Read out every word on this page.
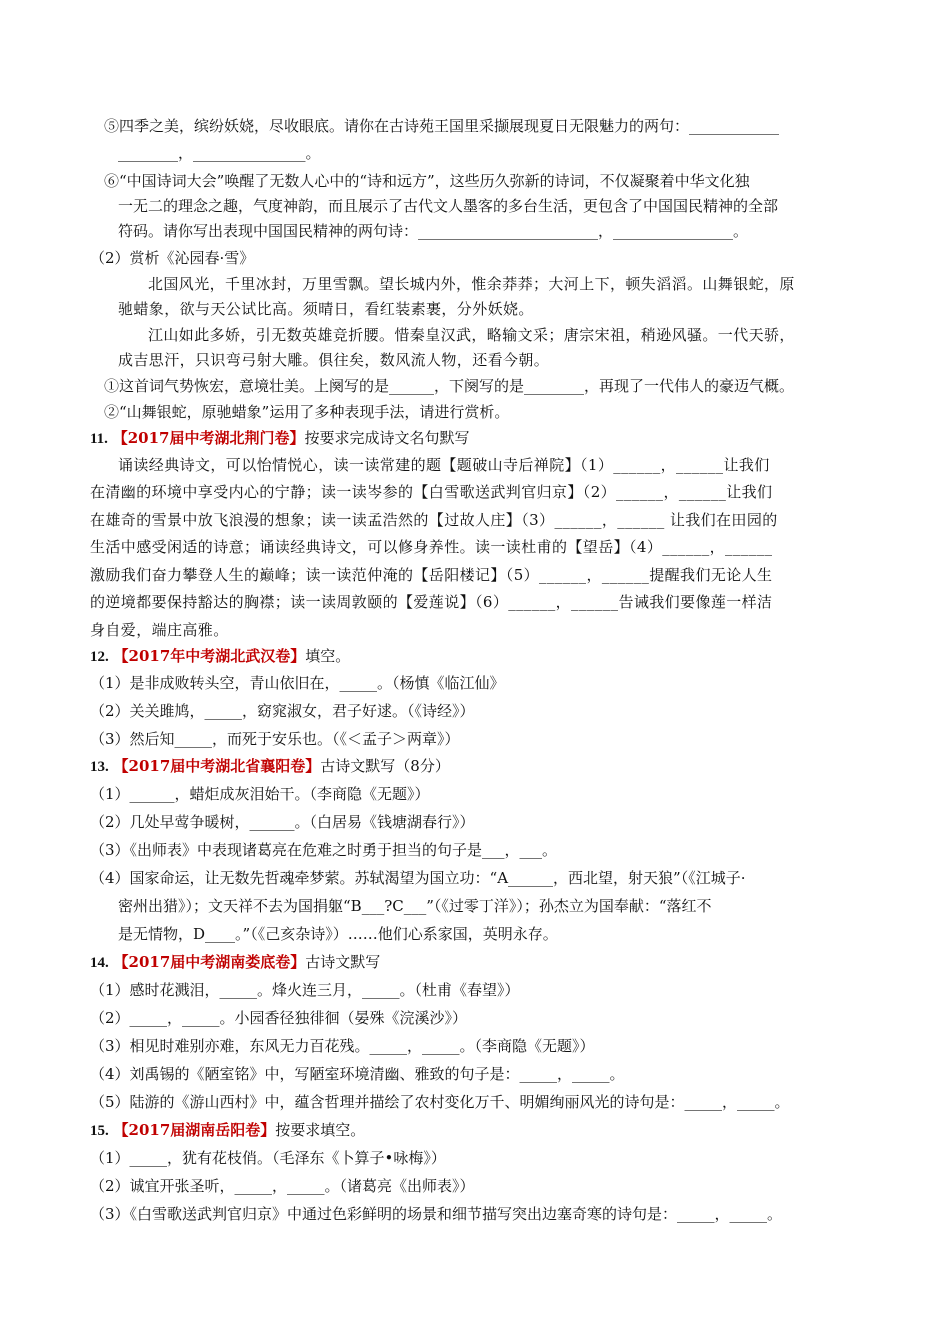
⑤四季之美，缤纷妖娆，尽收眼底。请你在古诗苑王国里采撷展现夏日无限魅力的两句：____________
________，_______________。
⑥“中国诗词大会”唤醒了无数人心中的“诗和远方”，这些历久弥新的诗词，不仅凝聚着中华文化独
一无二的理念之趣，气度神韵，而且展示了古代文人墨客的多台生活，更包含了中国国民精神的全部
符码。请你写出表现中国国民精神的两句诗：________________________，________________。
（2）赏析《沁园春·雪》
北国风光，千里冰封，万里雪飘。望长城内外，惟余莽莽；大河上下，顿失滔滔。山舞银蛇，原
驰蜡象，欲与天公试比高。须晴日，看红装素裹，分外妖娆。
江山如此多娇，引无数英雄竞折腰。惜秦皇汉武，略输文采；唐宗宋祖，稍逊风骚。一代天骄，
成吉思汗，只识弯弓射大雕。俱往矣，数风流人物，还看今朝。
①这首词气势恢宏，意境壮美。上阕写的是______，下阕写的是________，再现了一代伟人的豪迈气概。
②“山舞银蛇，原驰蜡象”运用了多种表现手法，请进行赏析。
11. 【2017届中考湖北荆门卷】按要求完成诗文名句默写
诵读经典诗文，可以怡情悦心，读一读常建的题【题破山寺后禅院】（1）______，______让我们
在清幽的环境中享受内心的宁静；读一读岑参的【白雪歌送武判官归京】（2）______，______让我们
在雄奇的雪景中放飞浪漫的想象；读一读孟浩然的【过故人庄】（3）______，______ 让我们在田园的
生活中感受闲适的诗意；诵读经典诗文，可以修身养性。读一读杜甫的【望岳】（4）______，______
激励我们奋力攀登人生的巅峰；读一读范仲淹的【岳阳楼记】（5）______，______提醒我们无论人生
的逆境都要保持豁达的胸襟；读一读周敦颐的【爱莲说】（6）______，______告诫我们要像莲一样洁
身自爱，端庄高雅。
12. 【2017年中考湖北武汉卷】填空。
（1）是非成败转头空，青山依旧在，_____。（杨慎《临江仙》
（2）关关雎鸠，_____，窈窕淑女，君子好逑。（《诗经》）
（3）然后知_____，而死于安乐也。（《＜孟子＞两章》）
13. 【2017届中考湖北省襄阳卷】古诗文默写（8分）
（1）______，蜡炬成灰泪始干。（李商隐《无题》）
（2）几处早莺争暖树，______。（白居易《钱塘湖春行》）
（3）《出师表》中表现诸葛亮在危难之时勇于担当的句子是___，___。
（4）国家命运，让无数先哲魂牵梦萦。苏轼渴望为国立功：“A______，西北望，射天狼”（《江城子·
密州出猎》）；文天祥不去为国捐躯“B___?C___”（《过零丁洋》）；孙杰立为国奉献：“落红不
是无情物，D____。”（《己亥杂诗》）……他们心系家国，英明永存。
14. 【2017届中考湖南娄底卷】古诗文默写
（1）感时花溅泪，_____。烽火连三月，_____。（杜甫《春望》）
（2）_____，_____。小园香径独徘徊（晏殊《浣溪沙》）
（3）相见时难别亦难，东风无力百花残。_____，_____。（李商隐《无题》）
（4）刘禹锡的《陋室铭》中，写陋室环境清幽、雅致的句子是：_____，_____。
（5）陆游的《游山西村》中，蕴含哲理并描绘了农村变化万千、明媚绚丽风光的诗句是：_____，_____。
15. 【2017届湖南岳阳卷】按要求填空。
（1）_____，犹有花枝俏。（毛泽东《卜算子•咏梅》）
（2）诚宜开张圣听，_____，_____。（诸葛亮《出师表》）
（3）《白雪歌送武判官归京》中通过色彩鲜明的场景和细节描写突出边塞奇寒的诗句是：_____，_____。
